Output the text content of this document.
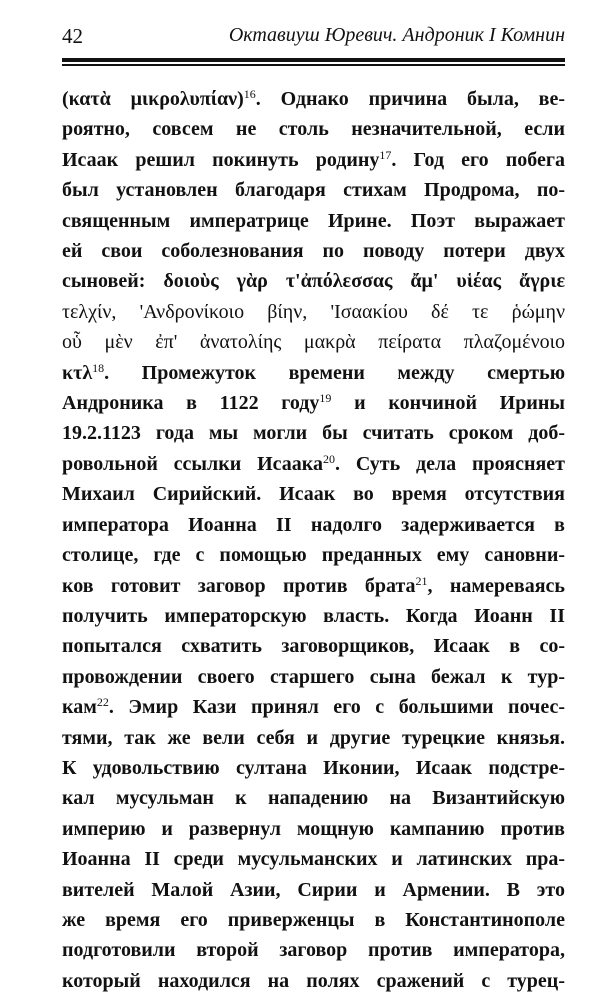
42	Октавиуш Юревич. Андроник I Комнин
(κατὰ μικρολυπίαν)$^{16}$. Однако причина была, ве-
роятно, совсем не столь незначительной, если
Исаак решил покинуть родину$^{17}$. Год его побега
был установлен благодаря стихам Продрома, по-
священным императрице Ирине. Поэт выражает
ей свои соболезнования по поводу потери двух
сыновей: δοιοὺς γὰρ τ'ἀπόλεσσας ἄμ' υἱέας ἄγριε
τελχίν, 'Ανδρονίκοιο βίην, 'Ισαακίου δέ τε ῥώμην
οὗ μὲν ἐπ' ἀνατολίης μακρὰ πείρατα πλαζομένοιο
κτλ$^{18}$. Промежуток времени между смертью
Андроника в 1122 году$^{19}$ и кончиной Ирины
19.2.1123 года мы могли бы считать сроком доб-
ровольной ссылки Исаака$^{20}$. Суть дела проясняет
Михаил Сирийский. Исаак во время отсутствия
императора Иоанна II надолго задерживается в
столице, где с помощью преданных ему сановни-
ков готовит заговор против брата$^{21}$, намереваясь
получить императорскую власть. Когда Иоанн II
попытался схватить заговорщиков, Исаак в со-
провождении своего старшего сына бежал к тур-
кам$^{22}$. Эмир Кази принял его с большими почес-
тями, так же вели себя и другие турецкие князья.
К удовольствию султана Иконии, Исаак подстре-
кал мусульман к нападению на Византийскую
империю и развернул мощную кампанию против
Иоанна II среди мусульманских и латинских пра-
вителей Малой Азии, Сирии и Армении. В это
же время его приверженцы в Константинополе
подготовили второй заговор против императора,
который находился на полях сражений с турец-
